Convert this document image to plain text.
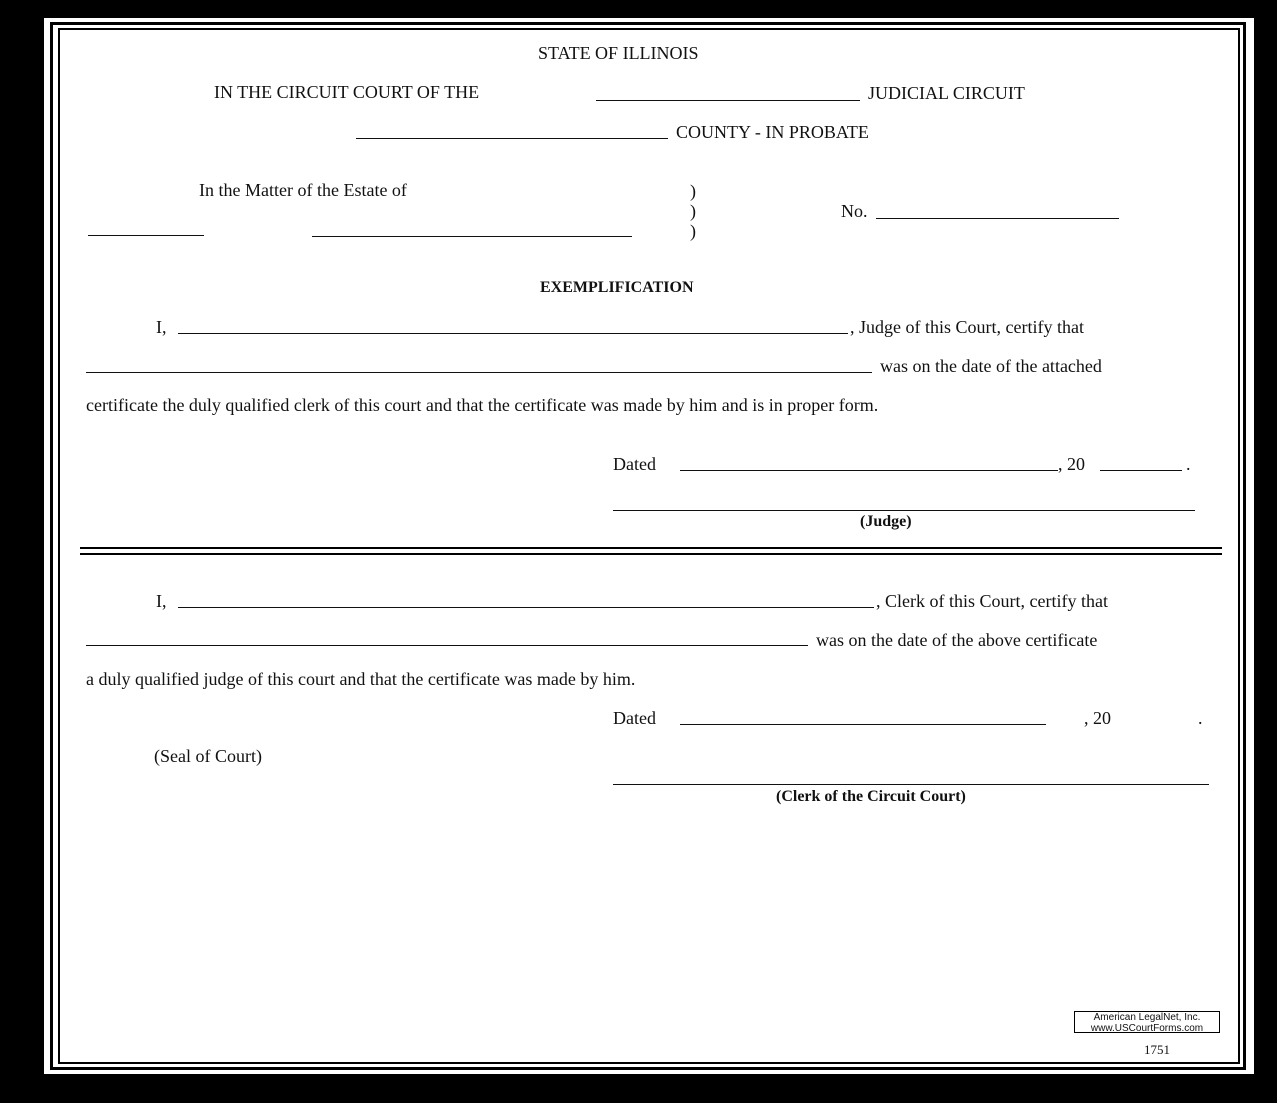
STATE OF ILLINOIS
IN THE CIRCUIT COURT OF THE	JUDICIAL CIRCUIT
COUNTY - IN PROBATE
In the Matter of the Estate of	)
)
)
No.
EXEMPLIFICATION
I,	, Judge of this Court, certify that
was on the date of the attached
certificate the duly qualified clerk of this court and that the certificate was made by him and is in proper form.
Dated	, 20	.
(Judge)
I,	, Clerk of this Court, certify that
was on the date of the above certificate
a duly qualified judge of this court and that the certificate was made by him.
Dated	, 20	.
(Seal of Court)
(Clerk of the Circuit Court)
American LegalNet, Inc.
www.USCourtForms.com
1751
